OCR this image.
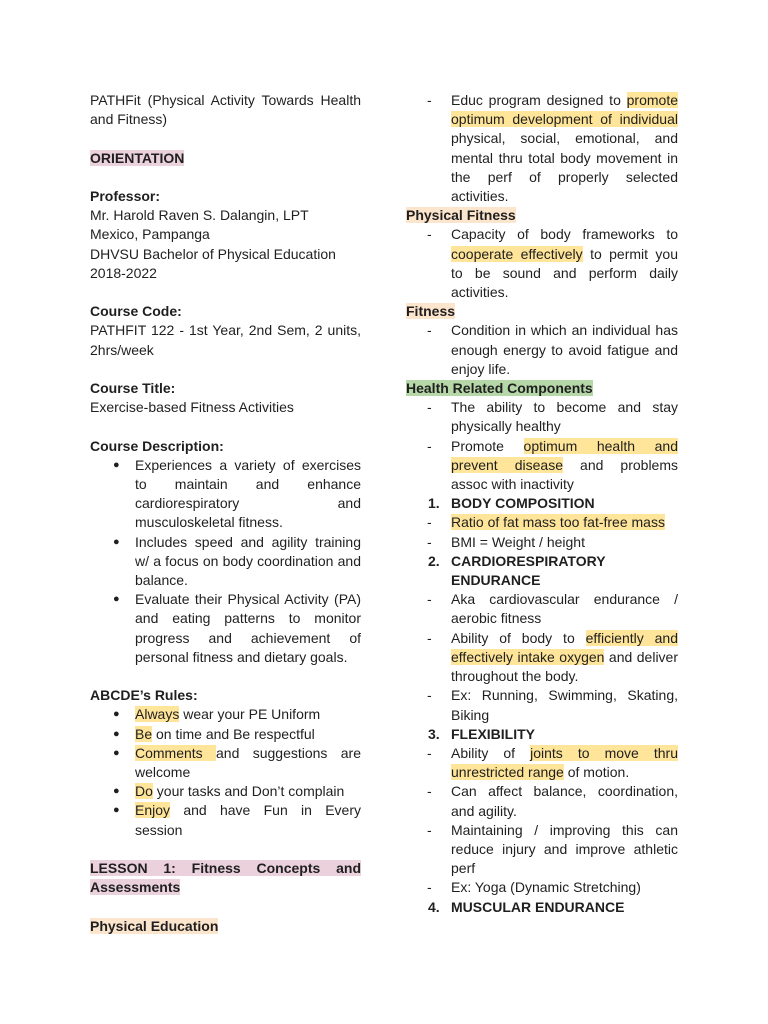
PATHFit (Physical Activity Towards Health

and Fitness)

ORIENTATION

Professor:

Mr. Harold Raven S. Dalangin, LPT

Mexico, Pampanga

DHVSU Bachelor of Physical Education

2018-2022

Course Code:

PATHFIT 122 - 1st Year, 2nd Sem, 2 units, 2hrs/week

Course Title:

Exercise-based Fitness Activities

Course Description:

● Experiences a variety of exercises to maintain and enhance cardiorespiratory and musculoskeletal fitness.

● Includes speed and agility training w/ a focus on body coordination and balance.

● Evaluate their Physical Activity (PA) and eating patterns to monitor progress and achievement of personal fitness and dietary goals.

ABCDE’s Rules:

● Always wear your PE Uniform

● Be on time and Be respectful

● Comments and suggestions are welcome

● Do your tasks and Don’t complain

● Enjoy and have Fun in Every session

LESSON 1: Fitness Concepts and

Assessments

Physical Education

- Educ program designed to promote optimum development of individual physical, social, emotional, and mental thru total body movement in the perf of properly selected activities.

Physical Fitness

- Capacity of body frameworks to cooperate effectively to permit you to be sound and perform daily activities.

Fitness

- Condition in which an individual has enough energy to avoid fatigue and enjoy life.

Health Related Components

- The ability to become and stay physically healthy

- Promote optimum health and prevent disease and problems assoc with inactivity

1. BODY COMPOSITION

- Ratio of fat mass too fat-free mass

- BMI = Weight / height

2. CARDIORESPIRATORY ENDURANCE

- Aka cardiovascular endurance / aerobic fitness

- Ability of body to efficiently and effectively intake oxygen and deliver throughout the body.

- Ex: Running, Swimming, Skating, Biking

3. FLEXIBILITY

- Ability of joints to move thru unrestricted range of motion.

- Can affect balance, coordination, and agility.

- Maintaining / improving this can reduce injury and improve athletic perf

- Ex: Yoga (Dynamic Stretching)

4. MUSCULAR ENDURANCE
